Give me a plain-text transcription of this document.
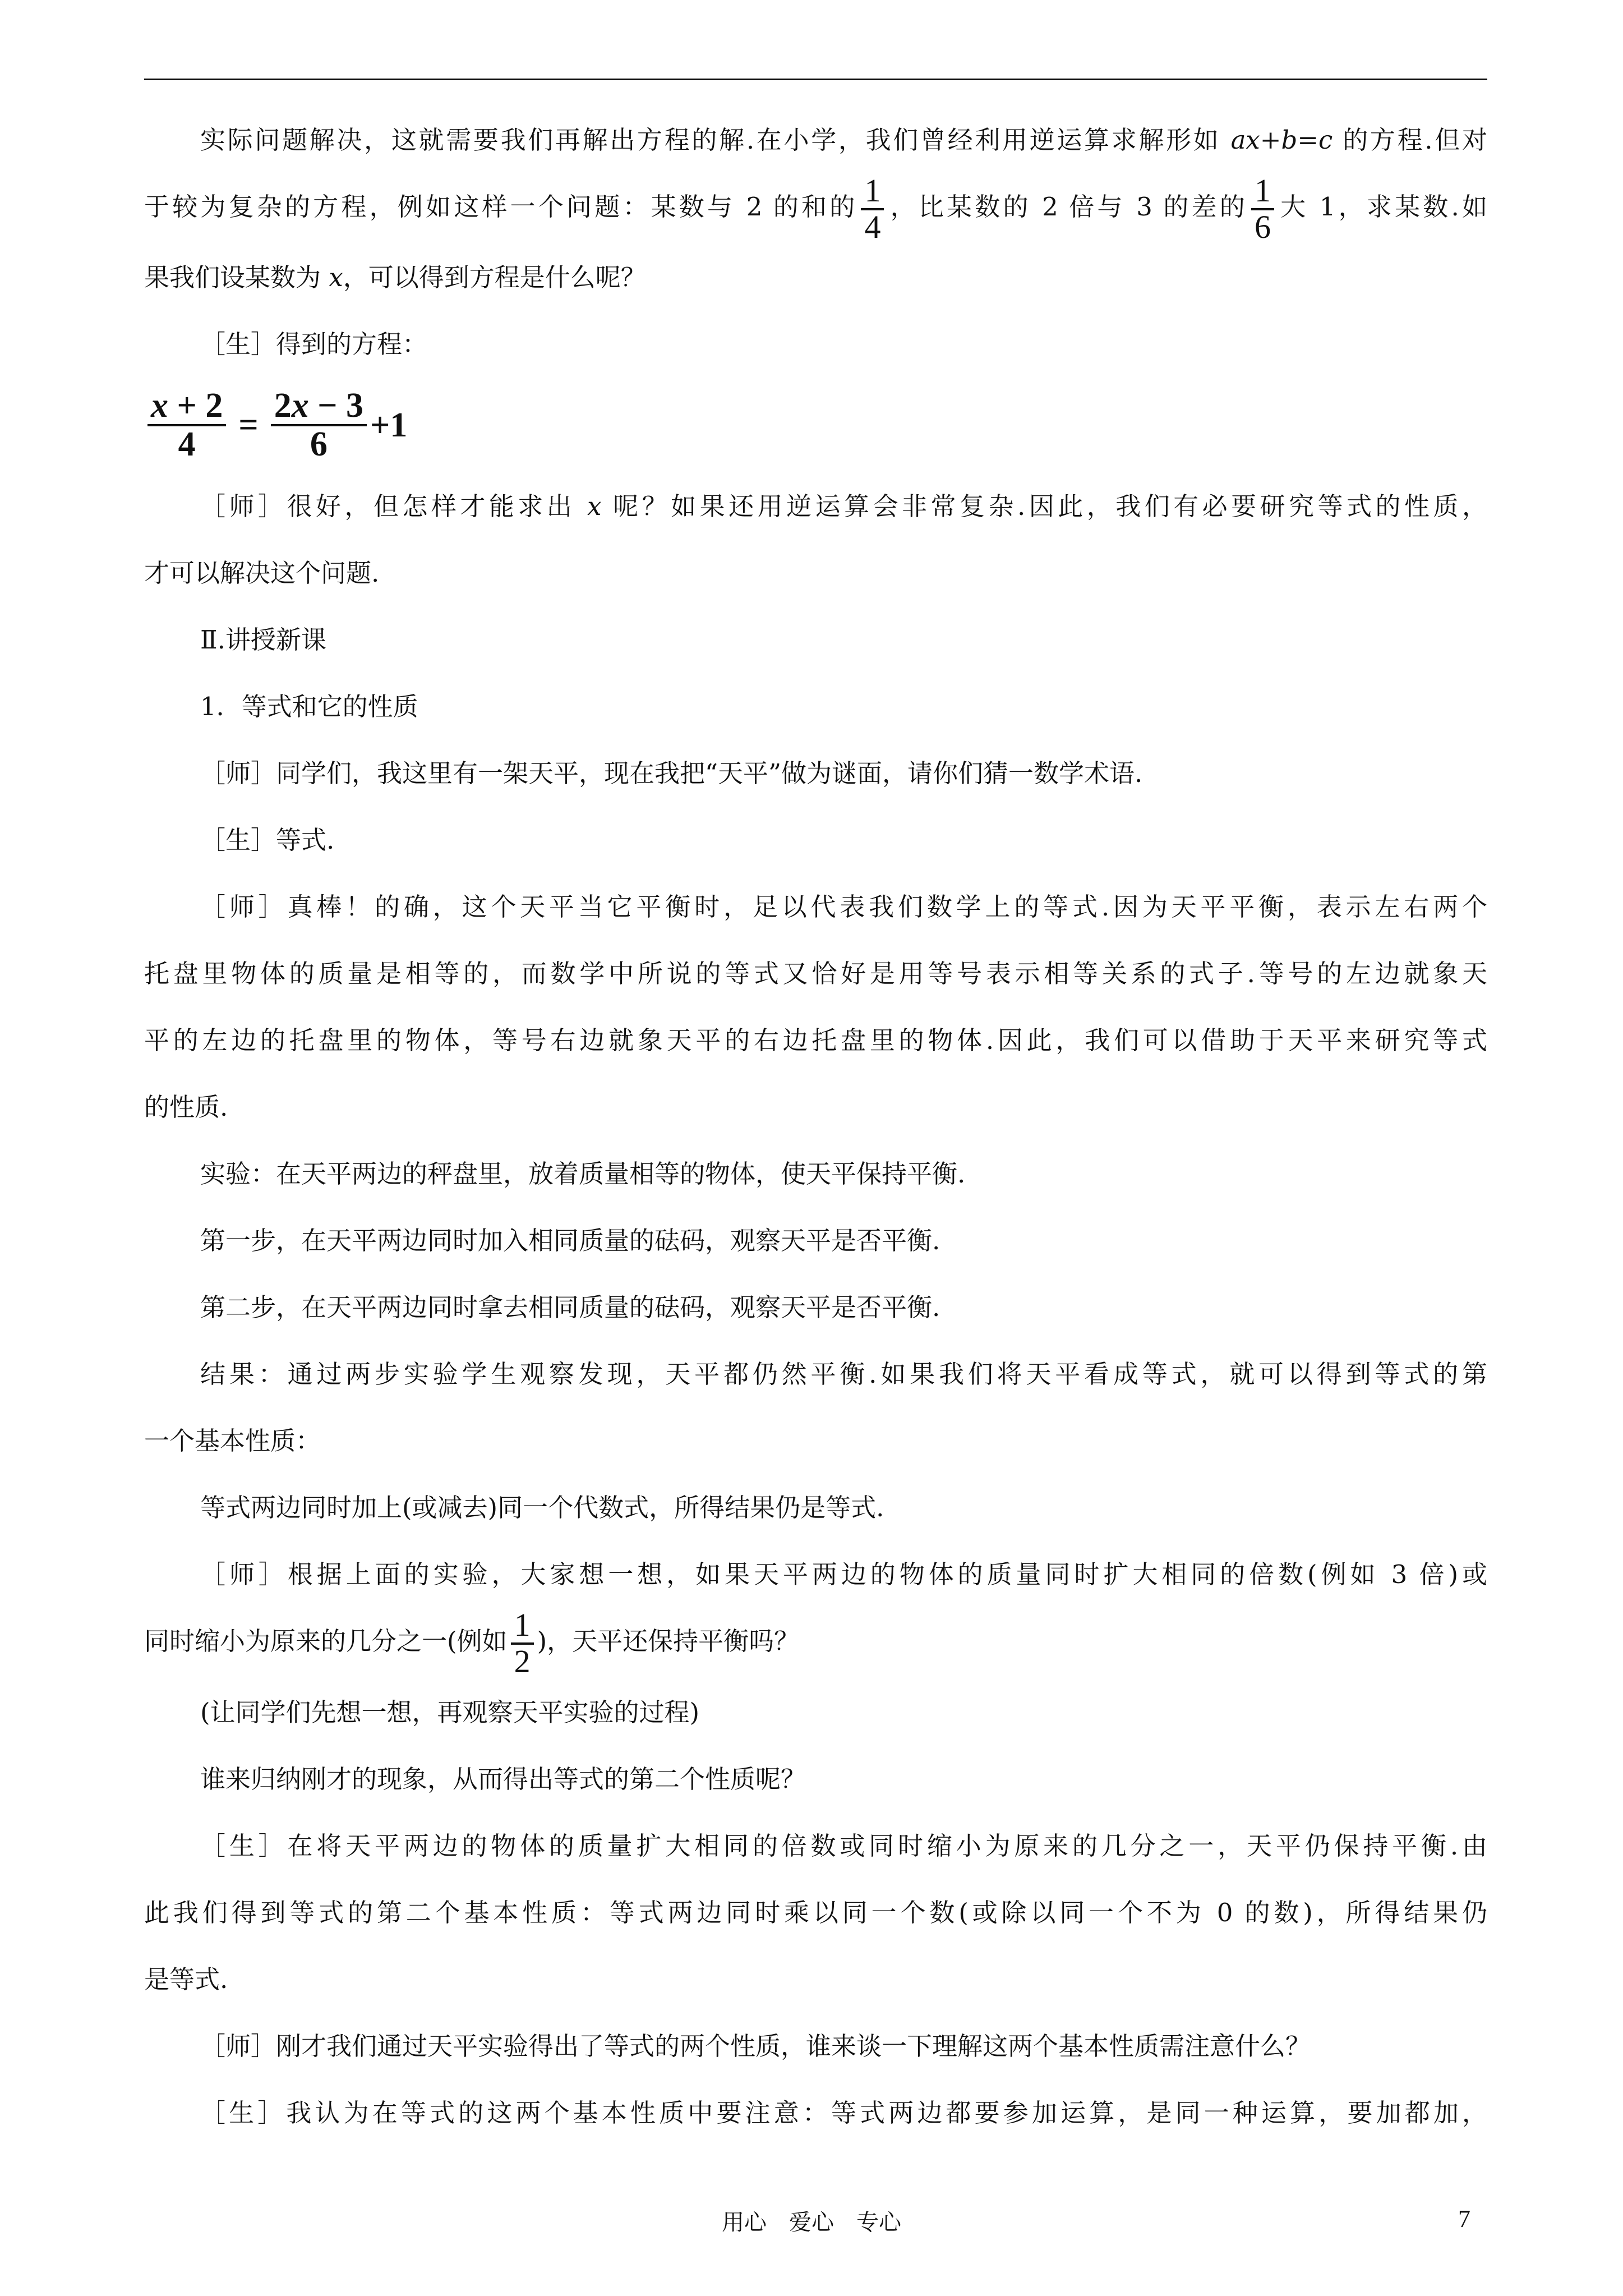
实际问题解决，这就需要我们再解出方程的解.在小学，我们曾经利用逆运算求解形如 ax+b=c 的方程.但对
于较为复杂的方程，例如这样一个问题：某数与 2 的和的 $\frac{1}{4}$ ，比某数的 2 倍与 3 的差的 $\frac{1}{6}$ 大 1，求某数.如
果我们设某数为 x，可以得到方程是什么呢？
［生］得到的方程：
$\frac{x + 2}{4} = \frac{2x - 3}{6} +1$
［师］很好，但怎样才能求出 x 呢？如果还用逆运算会非常复杂.因此，我们有必要研究等式的性质，
才可以解决这个问题.
Ⅱ.讲授新课
1．等式和它的性质
［师］同学们，我这里有一架天平，现在我把“天平”做为谜面，请你们猜一数学术语.
［生］等式.
［师］真棒！的确，这个天平当它平衡时，足以代表我们数学上的等式.因为天平平衡，表示左右两个
托盘里物体的质量是相等的，而数学中所说的等式又恰好是用等号表示相等关系的式子.等号的左边就象天
平的左边的托盘里的物体，等号右边就象天平的右边托盘里的物体.因此，我们可以借助于天平来研究等式
的性质.
实验：在天平两边的秤盘里，放着质量相等的物体，使天平保持平衡.
第一步，在天平两边同时加入相同质量的砝码，观察天平是否平衡.
第二步，在天平两边同时拿去相同质量的砝码，观察天平是否平衡.
结果：通过两步实验学生观察发现，天平都仍然平衡.如果我们将天平看成等式，就可以得到等式的第
一个基本性质：
等式两边同时加上(或减去)同一个代数式，所得结果仍是等式.
［师］根据上面的实验，大家想一想，如果天平两边的物体的质量同时扩大相同的倍数(例如 3 倍)或
同时缩小为原来的几分之一(例如 $\frac{1}{2}$ )，天平还保持平衡吗？
(让同学们先想一想，再观察天平实验的过程)
谁来归纳刚才的现象，从而得出等式的第二个性质呢？
［生］在将天平两边的物体的质量扩大相同的倍数或同时缩小为原来的几分之一，天平仍保持平衡.由
此我们得到等式的第二个基本性质：等式两边同时乘以同一个数(或除以同一个不为 0 的数)，所得结果仍
是等式.
［师］刚才我们通过天平实验得出了等式的两个性质，谁来谈一下理解这两个基本性质需注意什么？
［生］我认为在等式的这两个基本性质中要注意：等式两边都要参加运算，是同一种运算，要加都加，
用心　爱心　专心	7
